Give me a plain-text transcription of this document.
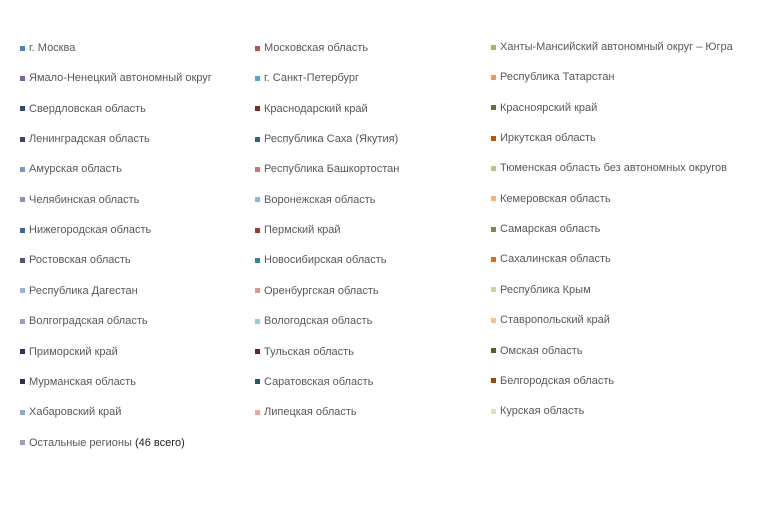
г. Москва
Ямало-Ненецкий автономный округ
Свердловская область
Ленинградская область
Амурская область
Челябинская область
Нижегородская область
Ростовская область
Республика Дагестан
Волгоградская область
Приморский край
Мурманская область
Хабаровский край
Остальные регионы (46 всего)
Московская область
г. Санкт-Петербург
Краснодарский край
Республика Саха (Якутия)
Республика Башкортостан
Воронежская область
Пермский край
Новосибирская область
Оренбургская область
Вологодская область
Тульская область
Саратовская область
Липецкая область
Ханты-Мансийский автономный округ – Югра
Республика Татарстан
Красноярский край
Иркутская область
Тюменская область без автономных округов
Кемеровская область
Самарская область
Сахалинская область
Республика Крым
Ставропольский край
Омская область
Белгородская область
Курская область
